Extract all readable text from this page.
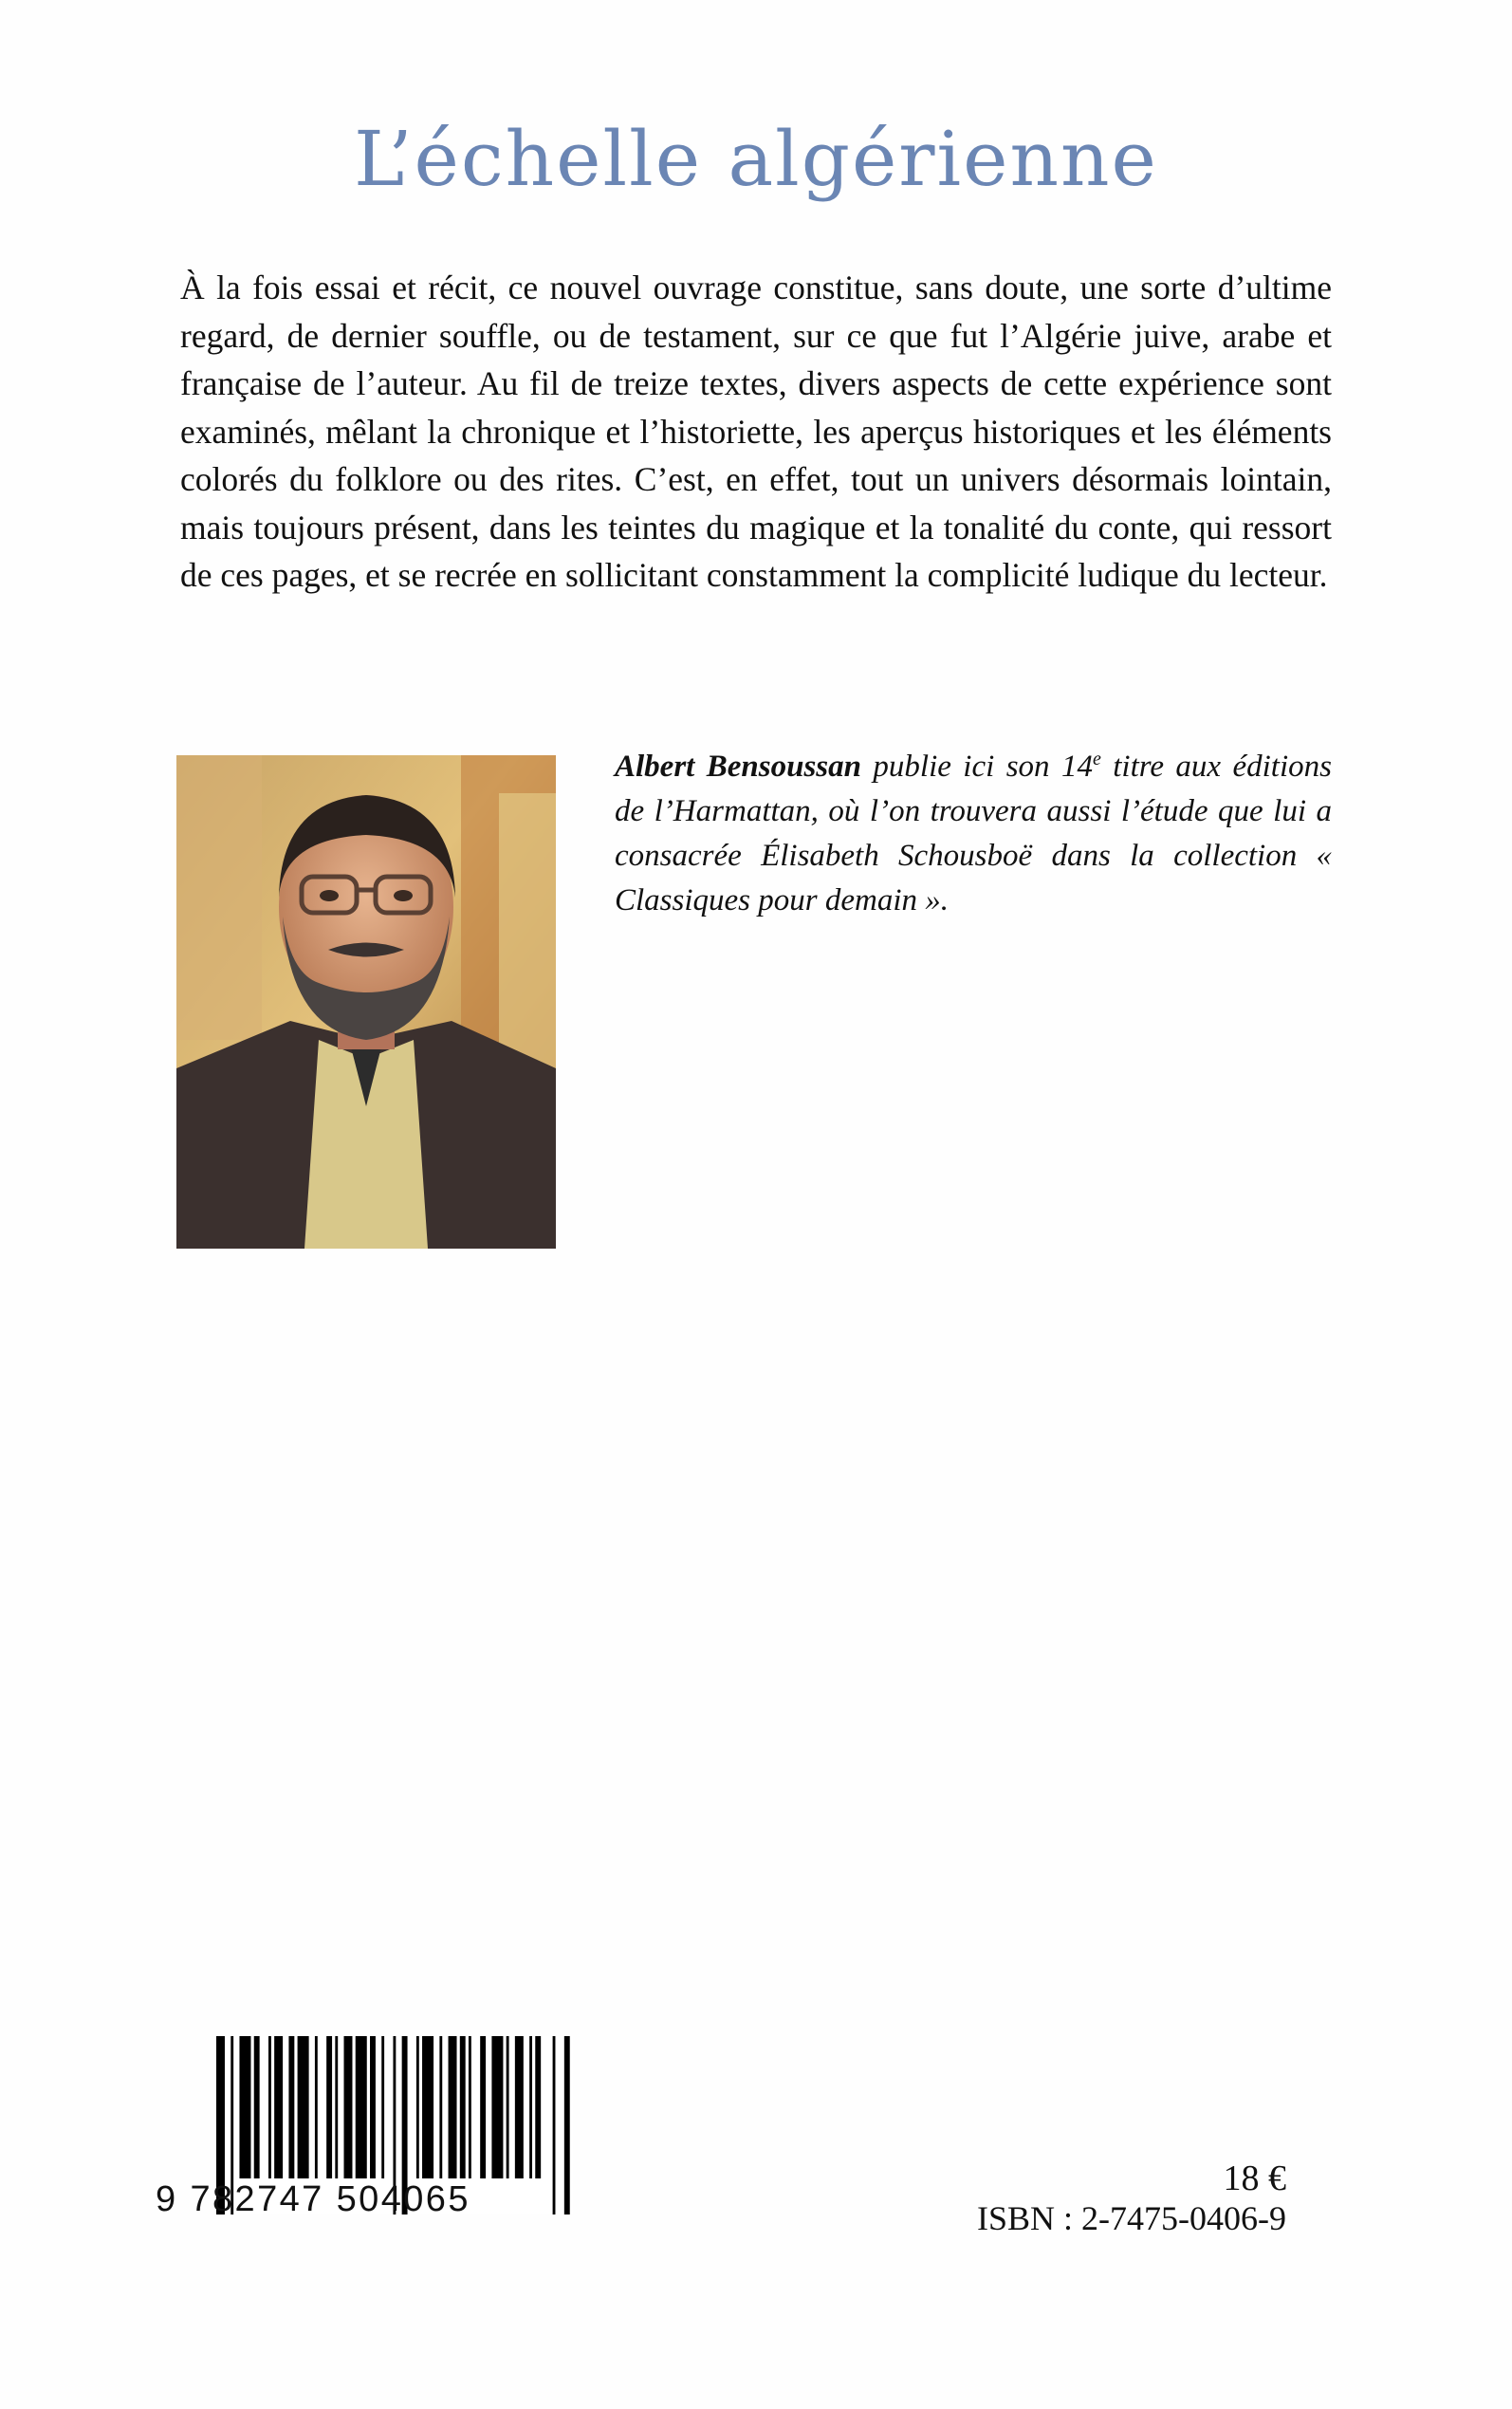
L’échelle algérienne

À la fois essai et récit, ce nouvel ouvrage constitue, sans doute, une sorte d’ultime regard, de dernier souffle, ou de testament, sur ce que fut l’Algérie juive, arabe et française de l’auteur. Au fil de treize textes, divers aspects de cette expérience sont examinés, mêlant la chronique et l’historiette, les aperçus historiques et les éléments colorés du folklore ou des rites. C’est, en effet, tout un univers désormais lointain, mais toujours présent, dans les teintes du magique et la tonalité du conte, qui ressort de ces pages, et se recrée en sollicitant constamment la complicité ludique du lecteur.

Albert Bensoussan publie ici son 14e titre aux éditions de l’Harmattan, où l’on trouvera aussi l’étude que lui a consacrée Élisabeth Schousboë dans la collection « Classiques pour demain ».

9 782747 504065
18 €
ISBN : 2-7475-0406-9
